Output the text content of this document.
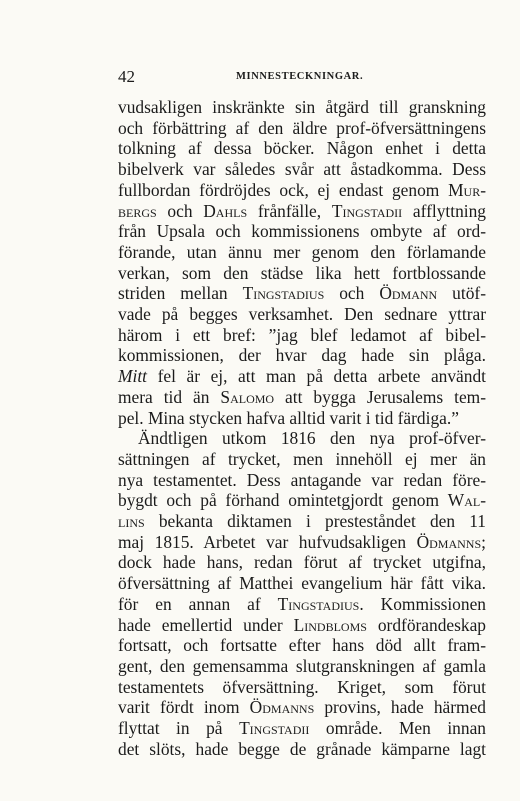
42	MINNESTECKNINGAR.
vudsakligen inskränkte sin åtgärd till granskning
och förbättring af den äldre prof-öfversättningens
tolkning af dessa böcker. Någon enhet i detta
bibelverk var således svår att åstadkomma. Dess
fullbordan fördröjdes ock, ej endast genom Mur-
bergs och Dahls frånfälle, Tingstadii afflyttning
från Upsala och kommissionens ombyte af ord-
förande, utan ännu mer genom den förlamande
verkan, som den städse lika hett fortblossande
striden mellan Tingstadius och Ödmann utöf-
vade på begges verksamhet. Den sednare yttrar
härom i ett bref: ”jag blef ledamot af bibel-
kommissionen, der hvar dag hade sin plåga.
Mitt fel är ej, att man på detta arbete användt
mera tid än Salomo att bygga Jerusalems tem-
pel. Mina stycken hafva alltid varit i tid färdiga.”
Ändtligen utkom 1816 den nya prof-öfver-
sättningen af trycket, men innehöll ej mer än
nya testamentet. Dess antagande var redan före-
bygdt och på förhand omintetgjordt genom Wal-
lins bekanta diktamen i presteståndet den 11
maj 1815. Arbetet var hufvudsakligen Ödmanns;
dock hade hans, redan förut af trycket utgifna,
öfversättning af Matthei evangelium här fått vika.
för en annan af Tingstadius. Kommissionen
hade emellertid under Lindbloms ordförandeskap
fortsatt, och fortsatte efter hans död allt fram-
gent, den gemensamma slutgranskningen af gamla
testamentets öfversättning. Kriget, som förut
varit fördt inom Ödmanns provins, hade härmed
flyttat in på Tingstadii område. Men innan
det slöts, hade begge de grånade kämparne lagt
